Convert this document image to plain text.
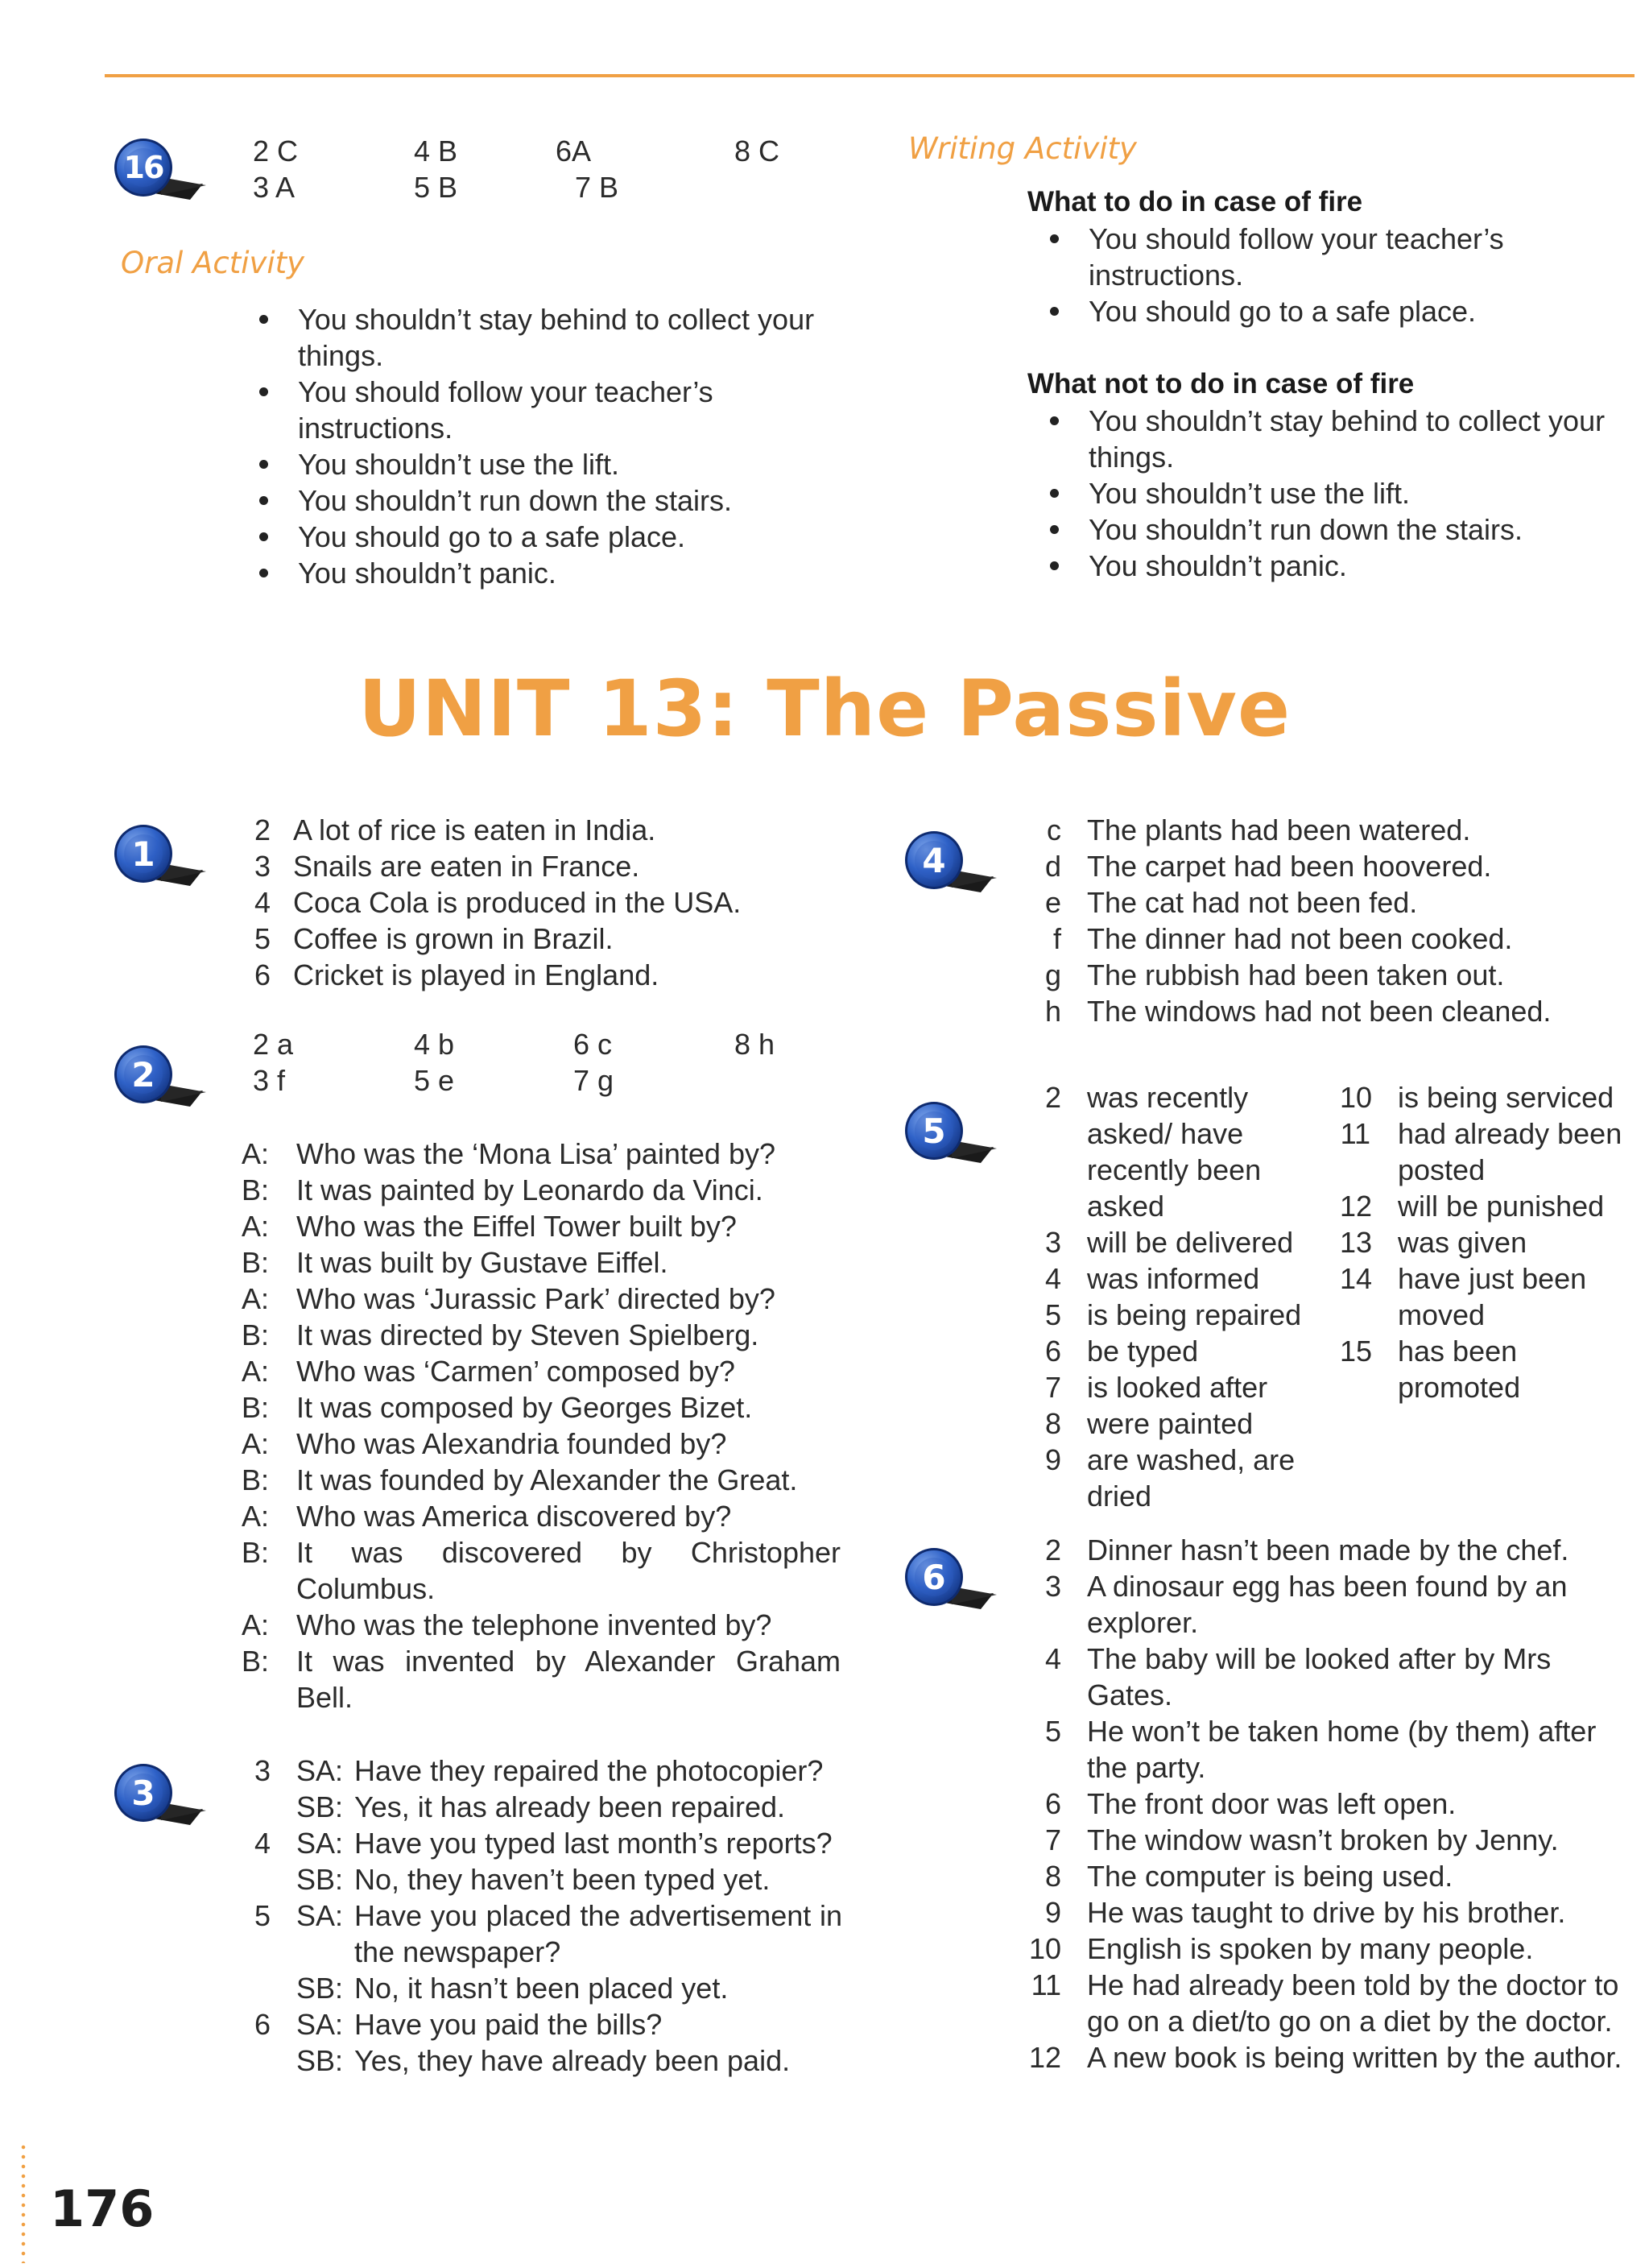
16	2 C	4 B	6A	8 C
3 A	5 B	7 B
Oral Activity
You shouldn’t stay behind to collect your things.
You should follow your teacher’s instructions.
You shouldn’t use the lift.
You shouldn’t run down the stairs.
You should go to a safe place.
You shouldn’t panic.
Writing Activity
What to do in case of fire
You should follow your teacher’s instructions.
You should go to a safe place.
What not to do in case of fire
You shouldn’t stay behind to collect your things.
You shouldn’t use the lift.
You shouldn’t run down the stairs.
You shouldn’t panic.
UNIT 13: The Passive
1
2 A lot of rice is eaten in India.
3 Snails are eaten in France.
4 Coca Cola is produced in the USA.
5 Coffee is grown in Brazil.
6 Cricket is played in England.
2
2 a	4 b	6 c	8 h
3 f	5 e	7 g
A: Who was the ‘Mona Lisa’ painted by?
B: It was painted by Leonardo da Vinci.
A: Who was the Eiffel Tower built by?
B: It was built by Gustave Eiffel.
A: Who was ‘Jurassic Park’ directed by?
B: It was directed by Steven Spielberg.
A: Who was ‘Carmen’ composed by?
B: It was composed by Georges Bizet.
A: Who was Alexandria founded by?
B: It was founded by Alexander the Great.
A: Who was America discovered by?
B: It was discovered by Christopher Columbus.
A: Who was the telephone invented by?
B: It was invented by Alexander Graham Bell.
3
3 SA: Have they repaired the photocopier?
SB: Yes, it has already been repaired.
4 SA: Have you typed last month’s reports?
SB: No, they haven’t been typed yet.
5 SA: Have you placed the advertisement in the newspaper?
SB: No, it hasn’t been placed yet.
6 SA: Have you paid the bills?
SB: Yes, they have already been paid.
4
c The plants had been watered.
d The carpet had been hoovered.
e The cat had not been fed.
f The dinner had not been cooked.
g The rubbish had been taken out.
h The windows had not been cleaned.
5
2 was recently asked/ have recently been asked
3 will be delivered
4 was informed
5 is being repaired
6 be typed
7 is looked after
8 were painted
9 are washed, are dried
10 is being serviced
11 had already been posted
12 will be punished
13 was given
14 have just been moved
15 has been promoted
6
2 Dinner hasn’t been made by the chef.
3 A dinosaur egg has been found by an explorer.
4 The baby will be looked after by Mrs Gates.
5 He won’t be taken home (by them) after the party.
6 The front door was left open.
7 The window wasn’t broken by Jenny.
8 The computer is being used.
9 He was taught to drive by his brother.
10 English is spoken by many people.
11 He had already been told by the doctor to go on a diet/to go on a diet by the doctor.
12 A new book is being written by the author.
176
